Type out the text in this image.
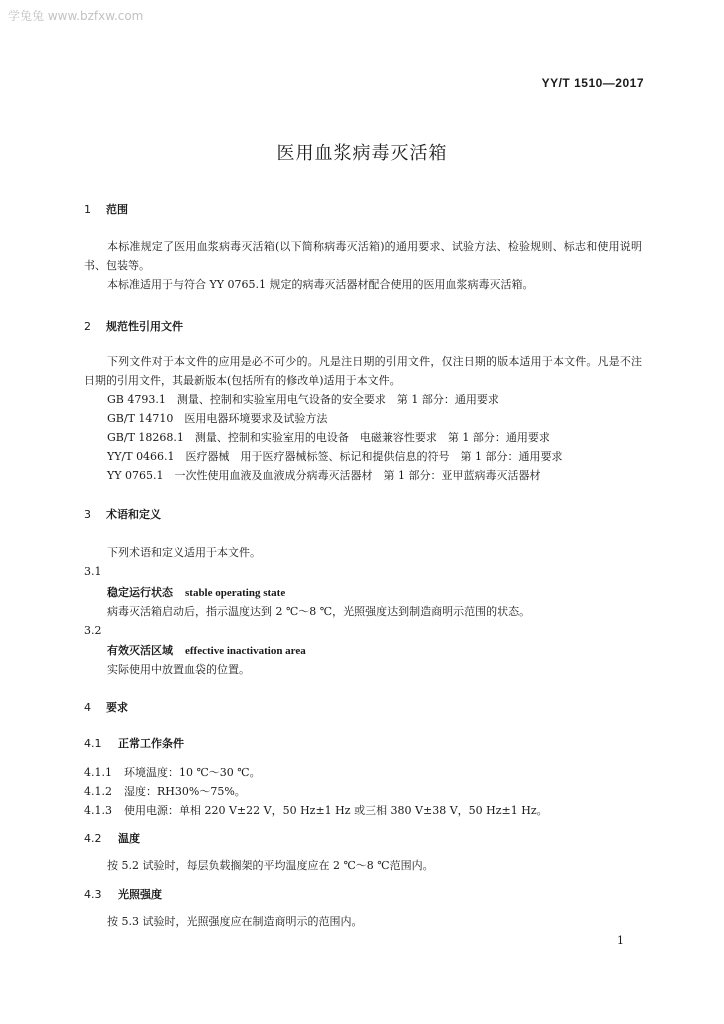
学兔兔 www.bzfxw.com
YY/T 1510—2017
医用血浆病毒灭活箱
1 范围
本标准规定了医用血浆病毒灭活箱(以下简称病毒灭活箱)的通用要求、试验方法、检验规则、标志和使用说明书、包装等。
本标准适用于与符合 YY 0765.1 规定的病毒灭活器材配合使用的医用血浆病毒灭活箱。
2 规范性引用文件
下列文件对于本文件的应用是必不可少的。凡是注日期的引用文件，仅注日期的版本适用于本文件。凡是不注日期的引用文件，其最新版本(包括所有的修改单)适用于本文件。
GB 4793.1　测量、控制和实验室用电气设备的安全要求　第 1 部分：通用要求
GB/T 14710　医用电器环境要求及试验方法
GB/T 18268.1　测量、控制和实验室用的电设备　电磁兼容性要求　第 1 部分：通用要求
YY/T 0466.1　医疗器械　用于医疗器械标签、标记和提供信息的符号　第 1 部分：通用要求
YY 0765.1　一次性使用血液及血液成分病毒灭活器材　第 1 部分：亚甲蓝病毒灭活器材
3 术语和定义
下列术语和定义适用于本文件。
3.1
稳定运行状态 stable operating state
病毒灭活箱启动后，指示温度达到 2 ℃～8 ℃，光照强度达到制造商明示范围的状态。
3.2
有效灭活区域 effective inactivation area
实际使用中放置血袋的位置。
4 要求
4.1 正常工作条件
4.1.1 环境温度：10 ℃～30 ℃。
4.1.2 湿度：RH30%～75%。
4.1.3 使用电源：单相 220 V±22 V，50 Hz±1 Hz 或三相 380 V±38 V，50 Hz±1 Hz。
4.2 温度
按 5.2 试验时，每层负载搁架的平均温度应在 2 ℃～8 ℃范围内。
4.3 光照强度
按 5.3 试验时，光照强度应在制造商明示的范围内。
1
